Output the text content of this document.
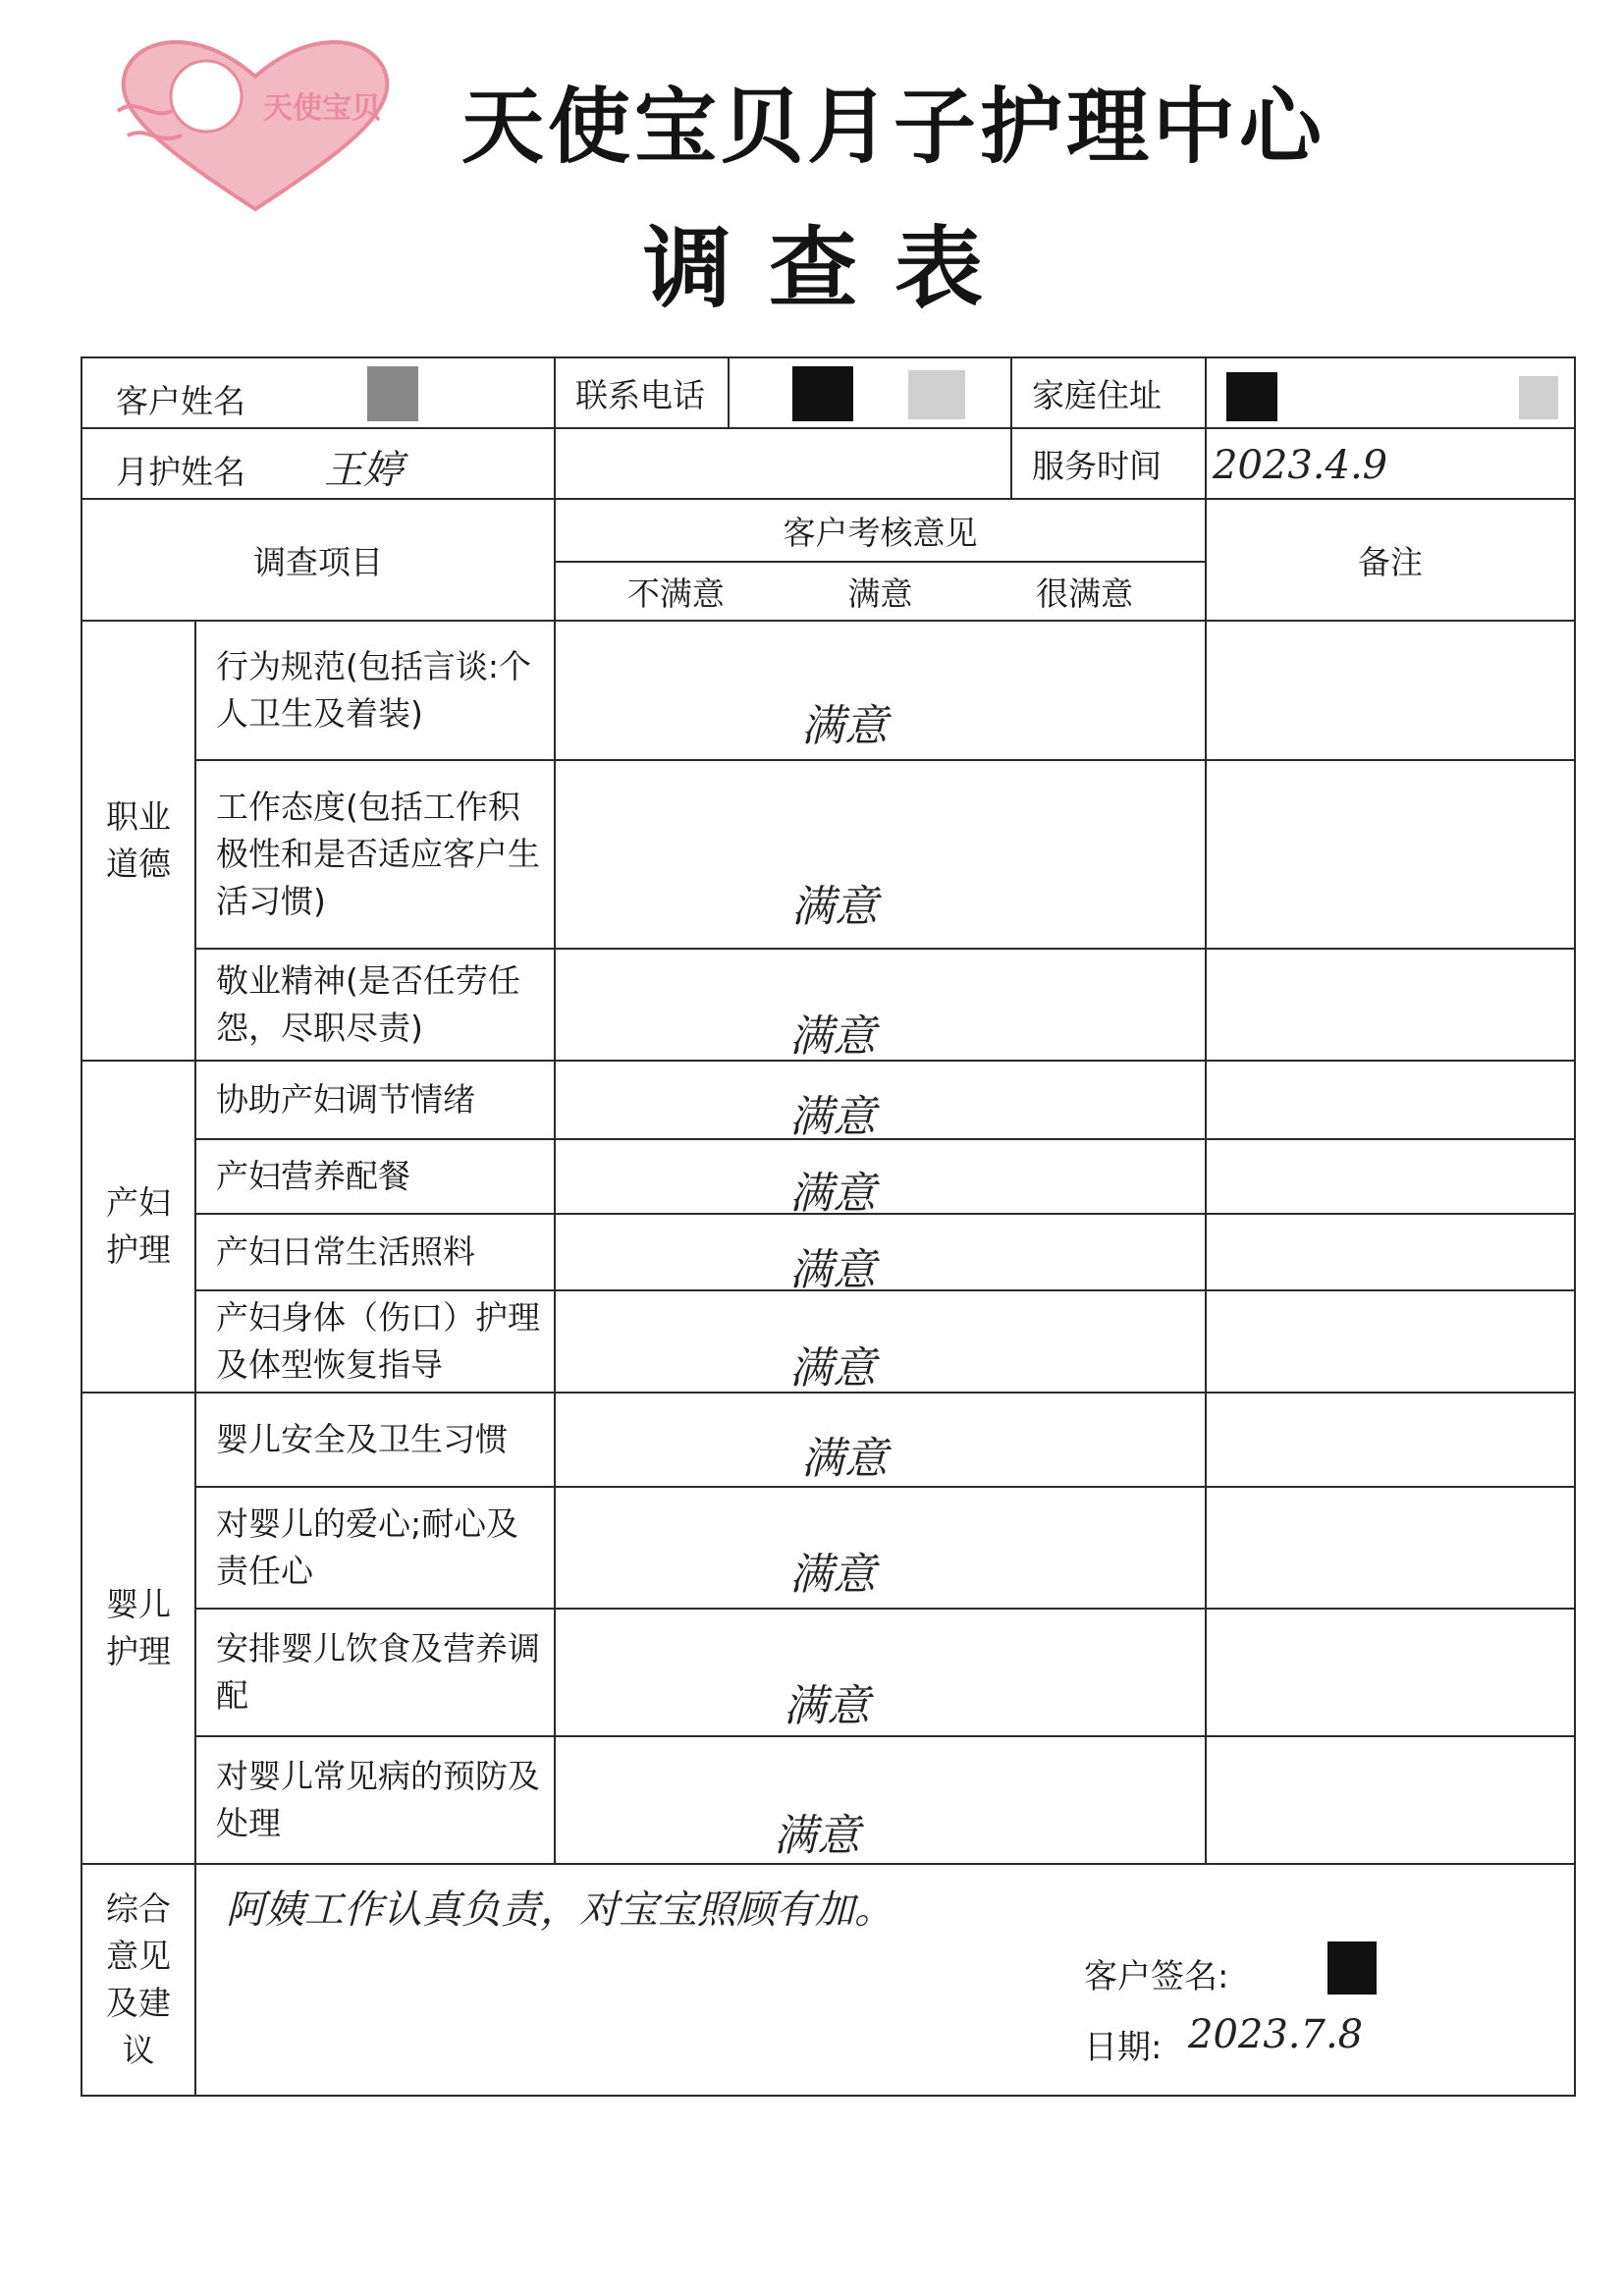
天使宝贝 天使宝贝月子护理中心
调查表
客户姓名		联系电话		家庭住址	

月护姓名 王婷				服务时间	2023.4.9

调查项目		客户考核意见			备注

		不满意 满意 很满意			

职业道德	行为规范(包括言谈:个人卫生及着装)	满意			

	工作态度(包括工作积极性和是否适应客户生活习惯)	满意			

	敬业精神(是否任劳任怨，尽职尽责)	满意			

产妇护理	协助产妇调节情绪	满意			

	产妇营养配餐	满意			

	产妇日常生活照料	满意			

	产妇身体（伤口）护理及体型恢复指导	满意			

婴儿护理	婴儿安全及卫生习惯	满意			

	对婴儿的爱心;耐心及责任心	满意			

	安排婴儿饮食及营养调配	满意			

	对婴儿常见病的预防及处理	满意			

综合意见及建议	阿姨工作认真负责，对宝宝照顾有加。
客户签名:
日期: 2023.7.8				
